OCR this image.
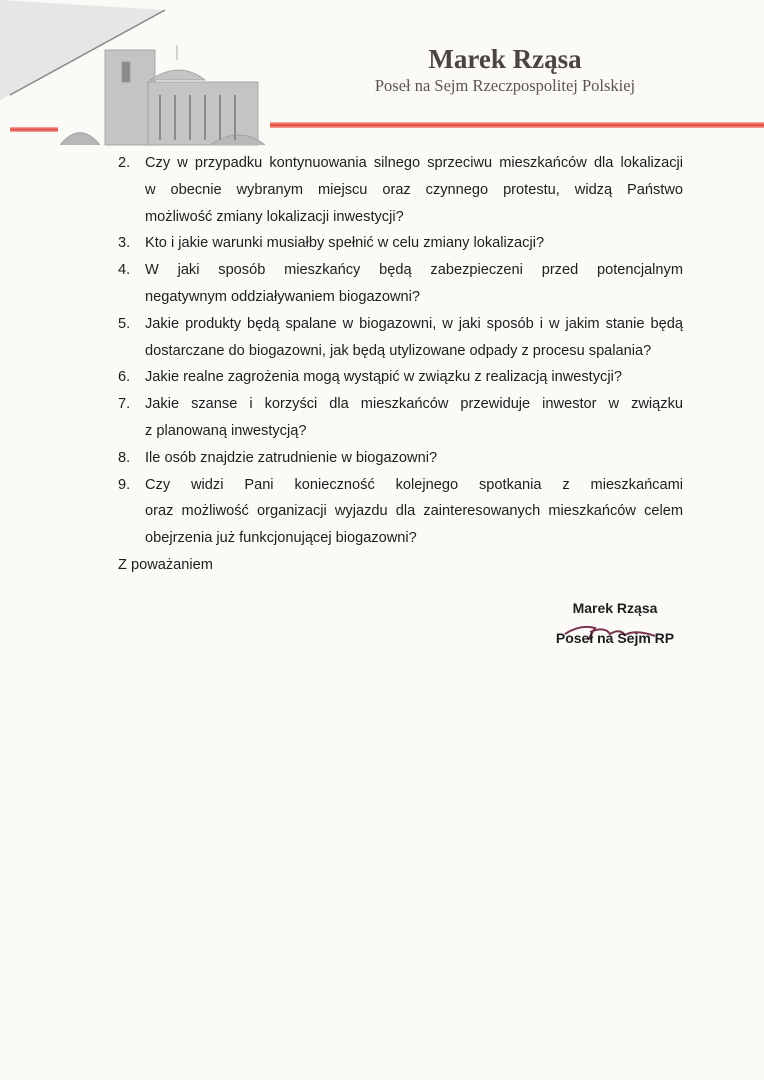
Marek Rząsa
Poseł na Sejm Rzeczpospolitej Polskiej
2.	Czy w przypadku kontynuowania silnego sprzeciwu mieszkańców dla lokalizacji
w obecnie wybranym miejscu oraz czynnego protestu, widzą Państwo
możliwość zmiany lokalizacji inwestycji?
3.	Kto i jakie warunki musiałby spełnić w celu zmiany lokalizacji?
4.	W jaki sposób mieszkańcy będą zabezpieczeni przed potencjalnym
negatywnym oddziaływaniem biogazowni?
5.	Jakie produkty będą spalane w biogazowni, w jaki sposób i w jakim stanie będą
dostarczane do biogazowni, jak będą utylizowane odpady z procesu spalania?
6.	Jakie realne zagrożenia mogą wystąpić w związku z realizacją inwestycji?
7.	Jakie szanse i korzyści dla mieszkańców przewiduje inwestor w związku
z planowaną inwestycją?
8.	Ile osób znajdzie zatrudnienie w biogazowni?
9.	Czy widzi Pani konieczność kolejnego spotkania z mieszkańcami
oraz możliwość organizacji wyjazdu dla zainteresowanych mieszkańców celem
obejrzenia już funkcjonującej biogazowni?
Z poważaniem
Marek Rząsa
Poseł na Sejm RP
